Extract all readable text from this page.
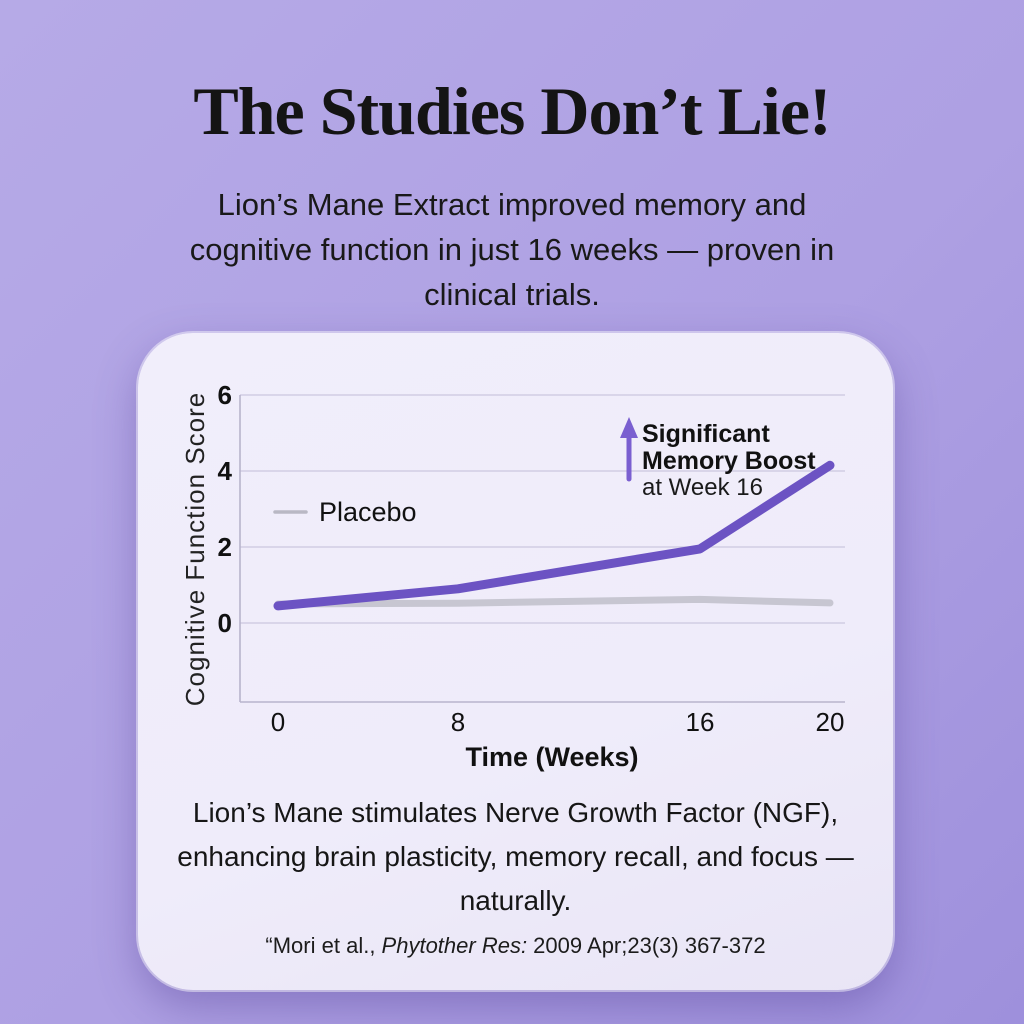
The Studies Don’t Lie!
Lion’s Mane Extract improved memory and
cognitive function in just 16 weeks — proven in
clinical trials.
Placebo
Significant
Memory Boost
at Week 16
6
4
2
0
0	8	16	20
Cognitive Function Score
Time (Weeks)
Lion’s Mane stimulates Nerve Growth Factor (NGF),
enhancing brain plasticity, memory recall, and focus —
naturally.
“Mori et al., Phytother Res: 2009 Apr;23(3) 367-372
